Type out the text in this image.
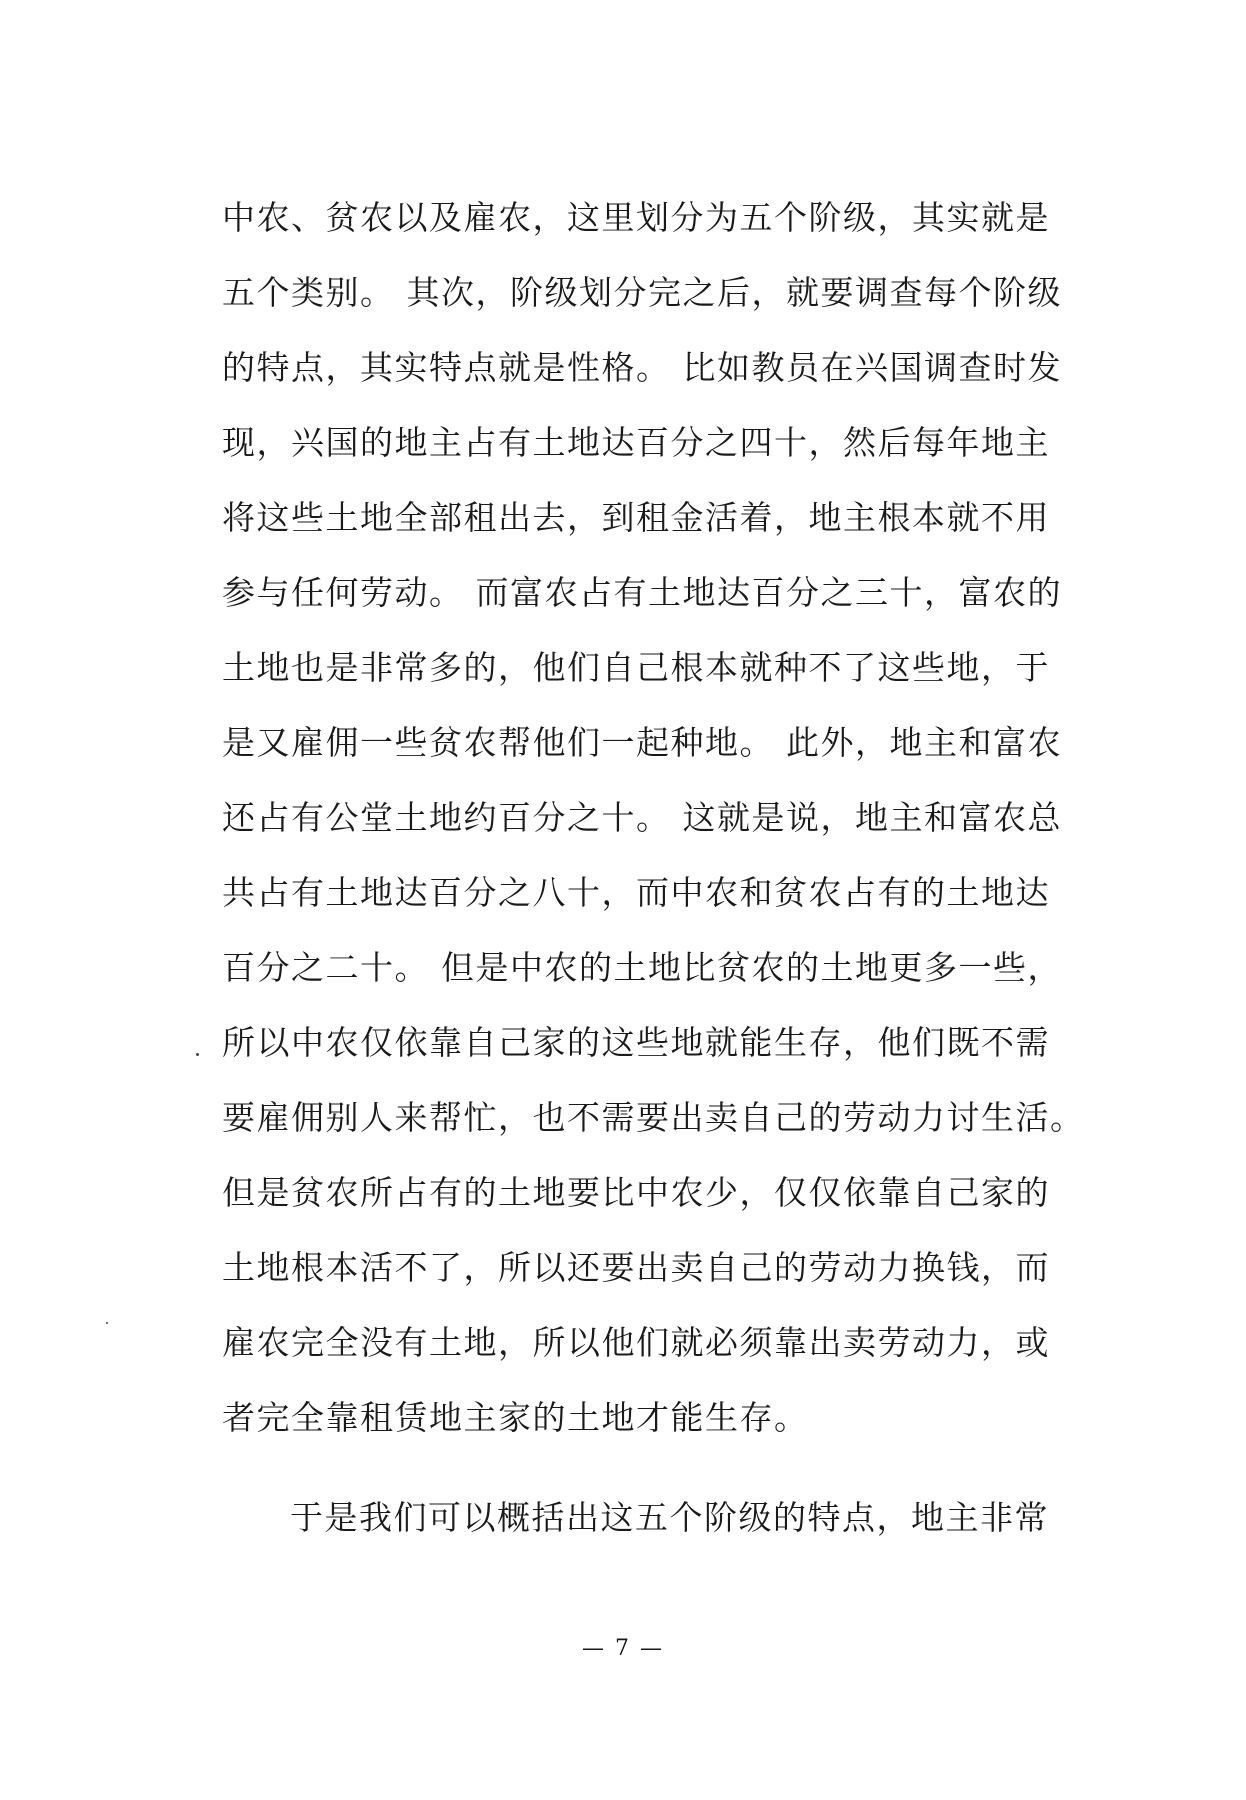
中农、贫农以及雇农，这里划分为五个阶级，其实就是
五个类别。 其次，阶级划分完之后，就要调查每个阶级
的特点，其实特点就是性格。 比如教员在兴国调查时发
现，兴国的地主占有土地达百分之四十，然后每年地主
将这些土地全部租出去，到租金活着，地主根本就不用
参与任何劳动。 而富农占有土地达百分之三十，富农的
土地也是非常多的，他们自己根本就种不了这些地，于
是又雇佣一些贫农帮他们一起种地。 此外，地主和富农
还占有公堂土地约百分之十。 这就是说，地主和富农总
共占有土地达百分之八十，而中农和贫农占有的土地达
百分之二十。 但是中农的土地比贫农的土地更多一些，
所以中农仅依靠自己家的这些地就能生存，他们既不需
要雇佣别人来帮忙，也不需要出卖自己的劳动力讨生活。
但是贫农所占有的土地要比中农少，仅仅依靠自己家的
土地根本活不了，所以还要出卖自己的劳动力换钱，而
雇农完全没有土地，所以他们就必须靠出卖劳动力，或
者完全靠租赁地主家的土地才能生存。
于是我们可以概括出这五个阶级的特点，地主非常
— 7 —
